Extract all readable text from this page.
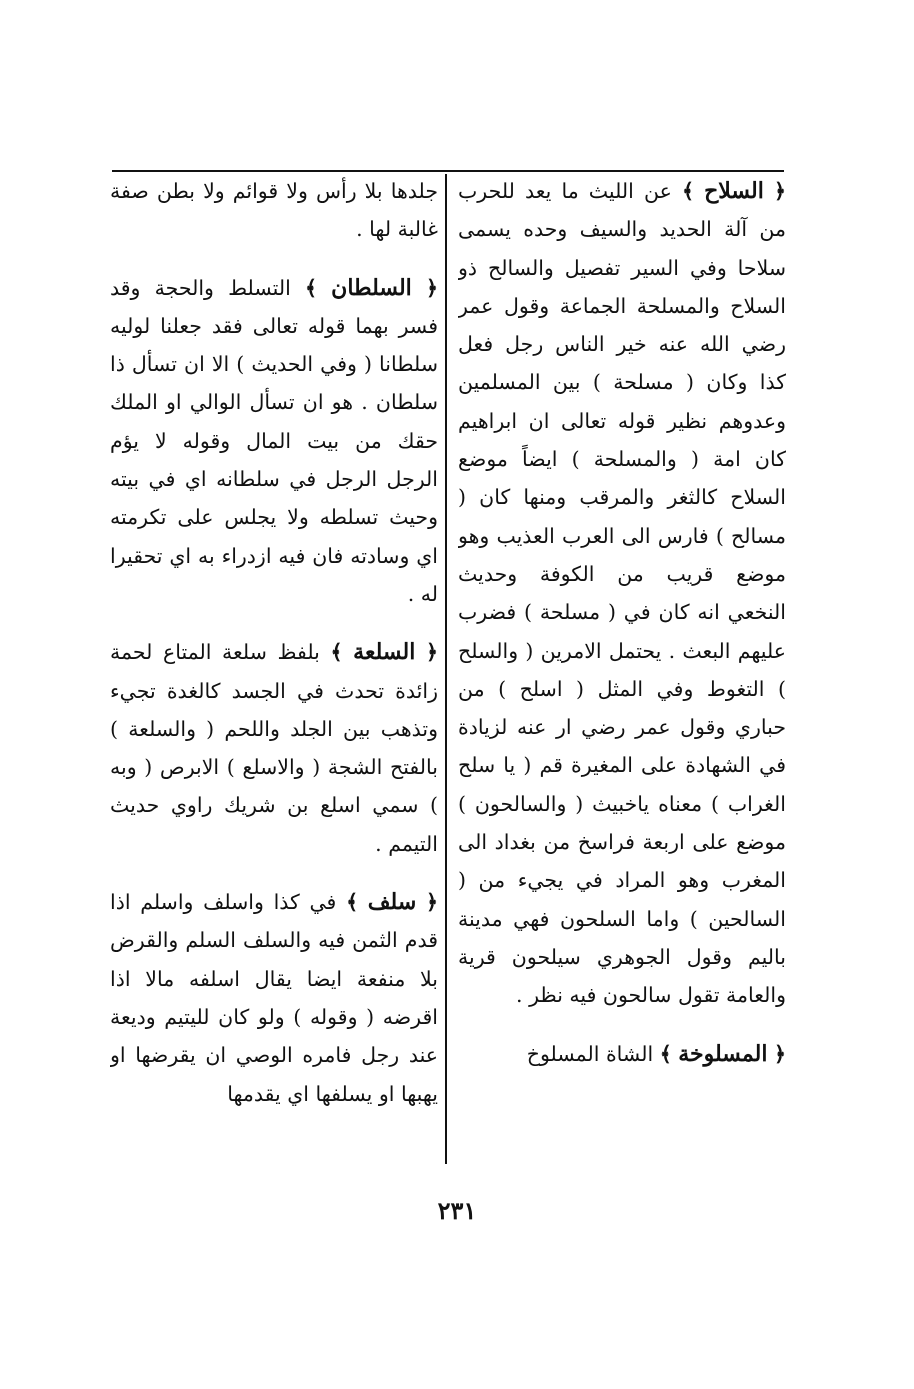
﴿ السلاح ﴾ عن الليث ما يعد للحرب من آلة الحديد والسيف وحده يسمى سلاحا وفي السير تفصيل والسالح ذو السلاح والمسلحة الجماعة وقول عمر رضي الله عنه خير الناس رجل فعل كذا وكان ( مسلحة ) بين المسلمين وعدوهم نظير قوله تعالى ان ابراهيم كان امة ( والمسلحة ) ايضاً موضع السلاح كالثغر والمرقب ومنها كان ( مسالح ) فارس الى العرب العذيب وهو موضع قريب من الكوفة وحديث النخعي انه كان في ( مسلحة ) فضرب عليهم البعث . يحتمل الامرين ( والسلح ) التغوط وفي المثل ( اسلح ) من حباري وقول عمر رضي ار عنه لزيادة في الشهادة على المغيرة قم ( يا سلح الغراب ) معناه ياخبيث ( والسالحون ) موضع على اربعة فراسخ من بغداد الى المغرب وهو المراد في يجيء من ( السالحين ) واما السلحون فهي مدينة باليم وقول الجوهري سيلحون قرية والعامة تقول سالحون فيه نظر .

﴿ المسلوخة ﴾ الشاة المسلوخ

جلدها بلا رأس ولا قوائم ولا بطن صفة غالبة لها .

﴿ السلطان ﴾ التسلط والحجة وقد فسر بهما قوله تعالى فقد جعلنا لوليه سلطانا ( وفي الحديث ) الا ان تسأل ذا سلطان . هو ان تسأل الوالي او الملك حقك من بيت المال وقوله لا يؤم الرجل الرجل في سلطانه اي في بيته وحيث تسلطه ولا يجلس على تكرمته اي وسادته فان فيه ازدراء به اي تحقيرا له .

﴿ السلعة ﴾ بلفظ سلعة المتاع لحمة زائدة تحدث في الجسد كالغدة تجيء وتذهب بين الجلد واللحم ( والسلعة ) بالفتح الشجة ( والاسلع ) الابرص ( وبه ) سمي اسلع بن شريك راوي حديث التيمم .

﴿ سلف ﴾ في كذا واسلف واسلم اذا قدم الثمن فيه والسلف السلم والقرض بلا منفعة ايضا يقال اسلفه مالا اذا اقرضه ( وقوله ) ولو كان لليتيم وديعة عند رجل فامره الوصي ان يقرضها او يهبها او يسلفها اي يقدمها

٢٣١
